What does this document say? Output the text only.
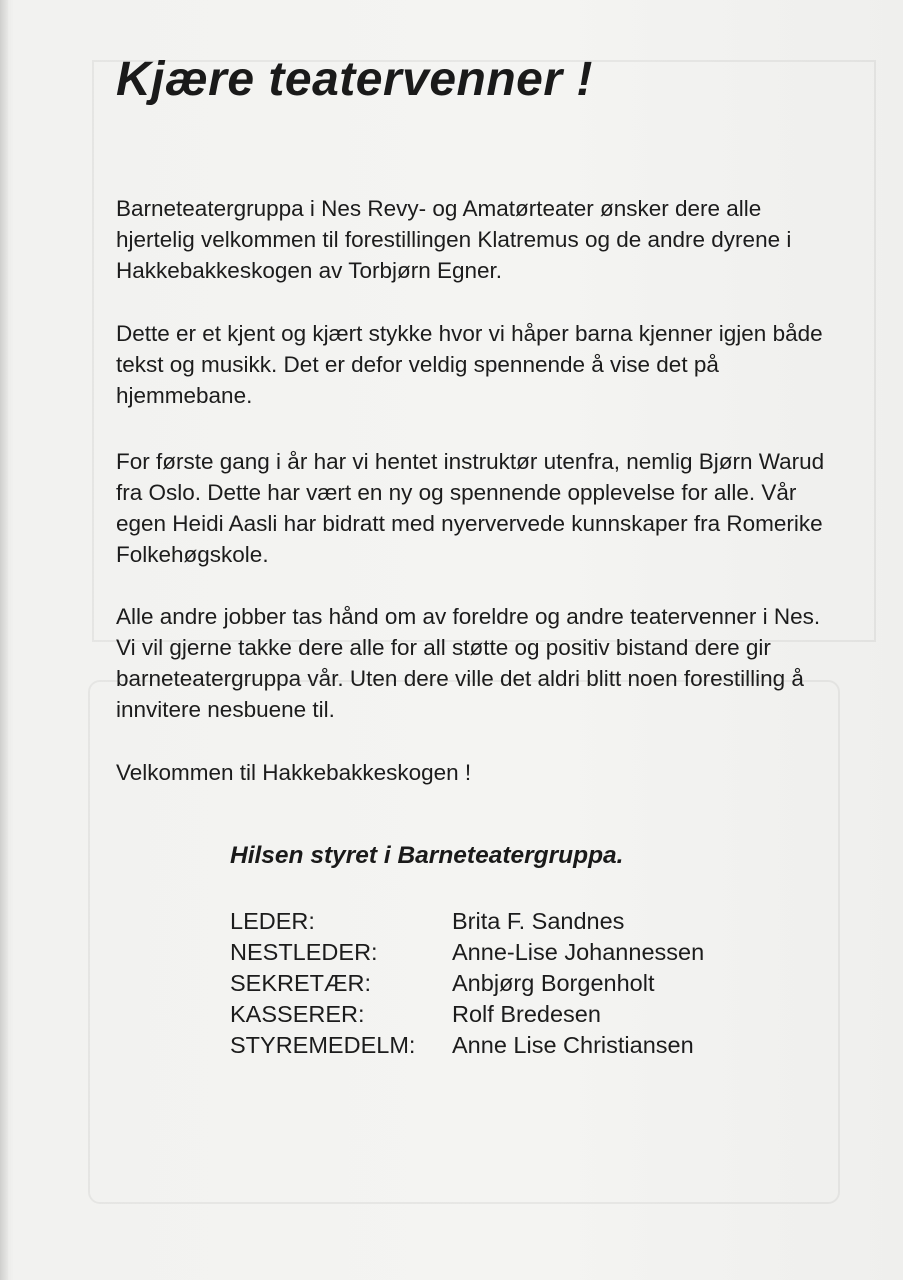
Kjære teatervenner !

Barneteatergruppa i Nes Revy- og Amatørteater ønsker dere alle hjertelig velkommen til forestillingen Klatremus og de andre dyrene i Hakkebakkeskogen av Torbjørn Egner.

Dette er et kjent og kjært stykke hvor vi håper barna kjenner igjen både tekst og musikk. Det er defor veldig spennende å vise det på hjemmebane.

For første gang i år har vi hentet instruktør utenfra, nemlig Bjørn Warud fra Oslo. Dette har vært en ny og spennende opplevelse for alle. Vår egen Heidi Aasli har bidratt med nyervervede kunnskaper fra Romerike Folkehøgskole.

Alle andre jobber tas hånd om av foreldre og andre teatervenner i Nes. Vi vil gjerne takke dere alle for all støtte og positiv bistand dere gir barneteatergruppa vår. Uten dere ville det aldri blitt noen forestilling å innvitere nesbuene til.

Velkommen til Hakkebakkeskogen !

Hilsen styret i Barneteatergruppa.

LEDER:	Brita F. Sandnes
NESTLEDER:	Anne-Lise Johannessen
SEKRETÆR:	Anbjørg Borgenholt
KASSERER:	Rolf Bredesen
STYREMEDELM:	Anne Lise Christiansen
